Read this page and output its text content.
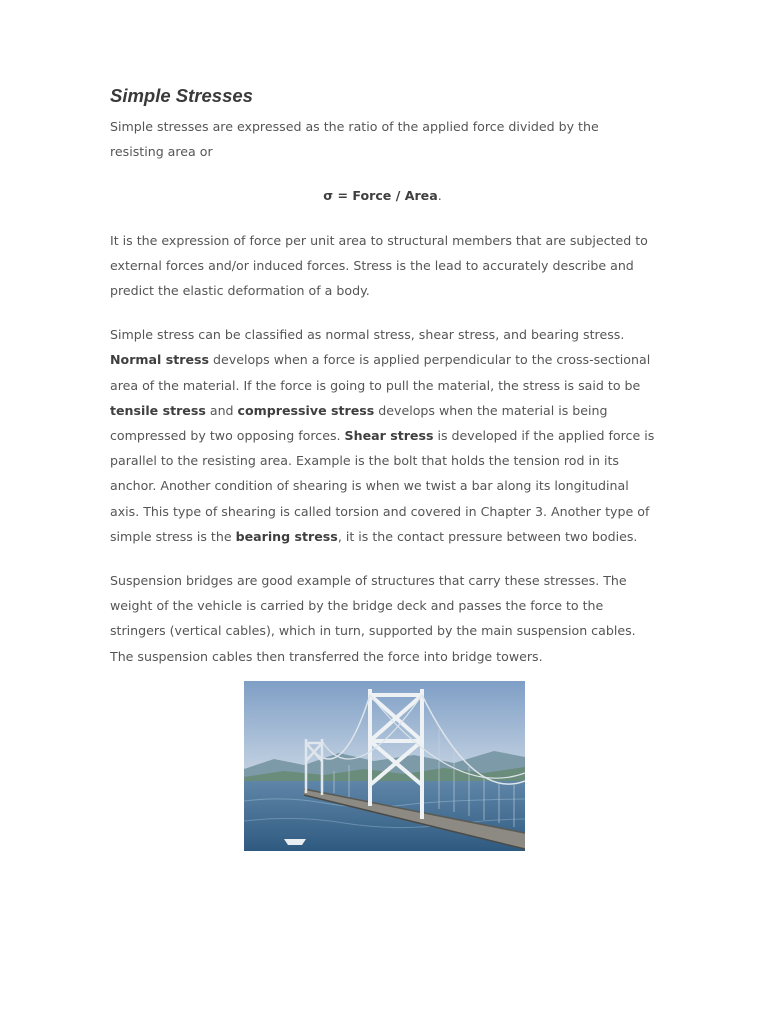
Simple Stresses

Simple stresses are expressed as the ratio of the applied force divided by the resisting area or

σ = Force / Area.

It is the expression of force per unit area to structural members that are subjected to external forces and/or induced forces. Stress is the lead to accurately describe and predict the elastic deformation of a body.

Simple stress can be classified as normal stress, shear stress, and bearing stress. Normal stress develops when a force is applied perpendicular to the cross-sectional area of the material. If the force is going to pull the material, the stress is said to be tensile stress and compressive stress develops when the material is being compressed by two opposing forces. Shear stress is developed if the applied force is parallel to the resisting area. Example is the bolt that holds the tension rod in its anchor. Another condition of shearing is when we twist a bar along its longitudinal axis. This type of shearing is called torsion and covered in Chapter 3. Another type of simple stress is the bearing stress, it is the contact pressure between two bodies.

Suspension bridges are good example of structures that carry these stresses. The weight of the vehicle is carried by the bridge deck and passes the force to the stringers (vertical cables), which in turn, supported by the main suspension cables. The suspension cables then transferred the force into bridge towers.
